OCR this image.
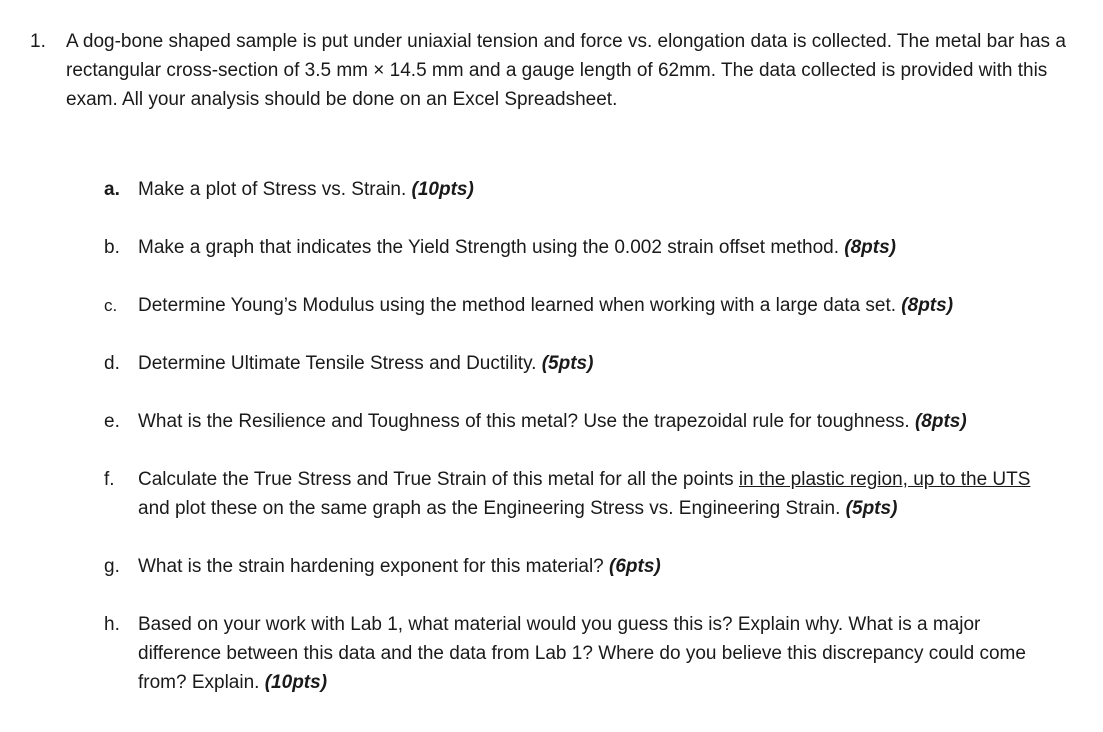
1. A dog-bone shaped sample is put under uniaxial tension and force vs. elongation data is collected. The metal bar has a rectangular cross-section of 3.5 mm × 14.5 mm and a gauge length of 62mm. The data collected is provided with this exam. All your analysis should be done on an Excel Spreadsheet.
a. Make a plot of Stress vs. Strain. (10pts)
b. Make a graph that indicates the Yield Strength using the 0.002 strain offset method. (8pts)
c.	Determine Young’s Modulus using the method learned when working with a large data set. (8pts)
d. Determine Ultimate Tensile Stress and Ductility. (5pts)
e. What is the Resilience and Toughness of this metal? Use the trapezoidal rule for toughness. (8pts)
f.	Calculate the True Stress and True Strain of this metal for all the points in the plastic region, up to the UTS and plot these on the same graph as the Engineering Stress vs. Engineering Strain. (5pts)
g. What is the strain hardening exponent for this material? (6pts)
h. Based on your work with Lab 1, what material would you guess this is? Explain why. What is a major difference between this data and the data from Lab 1? Where do you believe this discrepancy could come from? Explain. (10pts)
